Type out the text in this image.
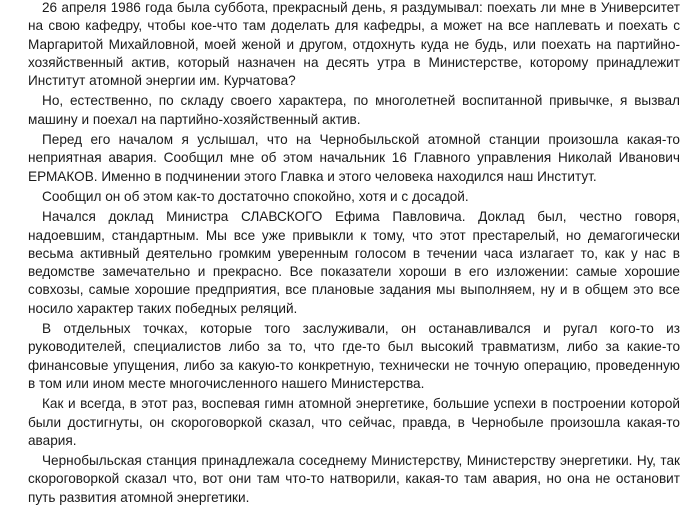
26 апреля 1986 года была суббота, прекрасный день, я раздумывал: поехать ли мне в Университет на свою кафедру, чтобы кое-что там доделать для кафедры, а может на все наплевать и поехать с Маргаритой Михайловной, моей женой и другом, отдохнуть куда не будь, или поехать на партийно-хозяйственный актив, который назначен на десять утра в Министерстве, которому принадлежит Институт атомной энергии им. Курчатова?

Но, естественно, по складу своего характера, по многолетней воспитанной привычке, я вызвал машину и поехал на партийно-хозяйственный актив.

Перед его началом я услышал, что на Чернобыльской атомной станции произошла какая-то неприятная авария. Сообщил мне об этом начальник 16 Главного управления Николай Иванович ЕРМАКОВ. Именно в подчинении этого Главка и этого человека находился наш Институт.

Сообщил он об этом как-то достаточно спокойно, хотя и с досадой.

Начался доклад Министра СЛАВСКОГО Ефима Павловича. Доклад был, честно говоря, надоевшим, стандартным. Мы все уже привыкли к тому, что этот престарелый, но демагогически весьма активный деятельно громким уверенным голосом в течении часа излагает то, как у нас в ведомстве замечательно и прекрасно. Все показатели хороши в его изложении: самые хорошие совхозы, самые хорошие предприятия, все плановые задания мы выполняем, ну и в общем это все носило характер таких победных реляций.

В отдельных точках, которые того заслуживали, он останавливался и ругал кого-то из руководителей, специалистов либо за то, что где-то был высокий травматизм, либо за какие-то финансовые упущения, либо за какую-то конкретную, технически не точную операцию, проведенную в том или ином месте многочисленного нашего Министерства.

Как и всегда, в этот раз, воспевая гимн атомной энергетике, большие успехи в построении которой были достигнуты, он скороговоркой сказал, что сейчас, правда, в Чернобыле произошла какая-то авария.

Чернобыльская станция принадлежала соседнему Министерству, Министерству энергетики. Ну, так скороговоркой сказал что, вот они там что-то натворили, какая-то там авария, но она не остановит путь развития атомной энергетики.
